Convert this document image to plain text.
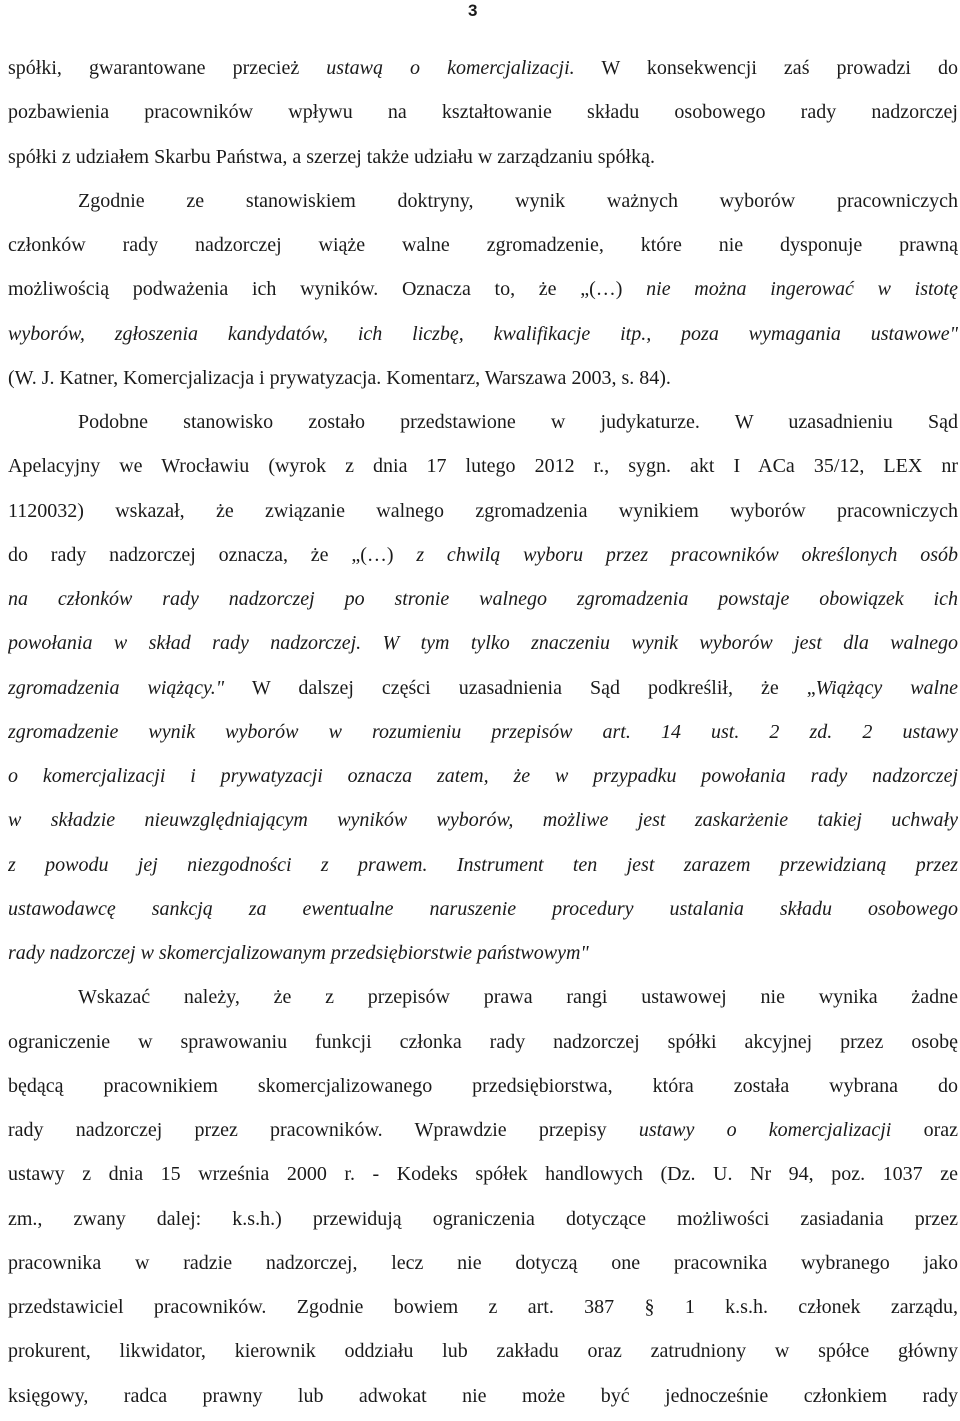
3
spółki, gwarantowane przecież ustawą o komercjalizacji. W konsekwencji zaś prowadzi do
pozbawienia pracowników wpływu na kształtowanie składu osobowego rady nadzorczej
spółki z udziałem Skarbu Państwa, a szerzej także udziału w zarządzaniu spółką.
Zgodnie ze stanowiskiem doktryny, wynik ważnych wyborów pracowniczych
członków rady nadzorczej wiąże walne zgromadzenie, które nie dysponuje prawną
możliwością podważenia ich wyników. Oznacza to, że „(…) nie można ingerować w istotę
wyborów, zgłoszenia kandydatów, ich liczbę, kwalifikacje itp., poza wymagania ustawowe"
(W. J. Katner, Komercjalizacja i prywatyzacja. Komentarz, Warszawa 2003, s. 84).
Podobne stanowisko zostało przedstawione w judykaturze. W uzasadnieniu Sąd
Apelacyjny we Wrocławiu (wyrok z dnia 17 lutego 2012 r., sygn. akt I ACa 35/12, LEX nr
1120032) wskazał, że związanie walnego zgromadzenia wynikiem wyborów pracowniczych
do rady nadzorczej oznacza, że „(…) z chwilą wyboru przez pracowników określonych osób
na członków rady nadzorczej po stronie walnego zgromadzenia powstaje obowiązek ich
powołania w skład rady nadzorczej. W tym tylko znaczeniu wynik wyborów jest dla walnego
zgromadzenia wiążący." W dalszej części uzasadnienia Sąd podkreślił, że „Wiążący walne
zgromadzenie wynik wyborów w rozumieniu przepisów art. 14 ust. 2 zd. 2 ustawy
o komercjalizacji i prywatyzacji oznacza zatem, że w przypadku powołania rady nadzorczej
w składzie nieuwzględniającym wyników wyborów, możliwe jest zaskarżenie takiej uchwały
z powodu jej niezgodności z prawem. Instrument ten jest zarazem przewidzianą przez
ustawodawcę sankcją za ewentualne naruszenie procedury ustalania składu osobowego
rady nadzorczej w skomercjalizowanym przedsiębiorstwie państwowym"
Wskazać należy, że z przepisów prawa rangi ustawowej nie wynika żadne
ograniczenie w sprawowaniu funkcji członka rady nadzorczej spółki akcyjnej przez osobę
będącą pracownikiem skomercjalizowanego przedsiębiorstwa, która została wybrana do
rady nadzorczej przez pracowników. Wprawdzie przepisy ustawy o komercjalizacji oraz
ustawy z dnia 15 września 2000 r. - Kodeks spółek handlowych (Dz. U. Nr 94, poz. 1037 ze
zm., zwany dalej: k.s.h.) przewidują ograniczenia dotyczące możliwości zasiadania przez
pracownika w radzie nadzorczej, lecz nie dotyczą one pracownika wybranego jako
przedstawiciel pracowników. Zgodnie bowiem z art. 387 § 1 k.s.h. członek zarządu,
prokurent, likwidator, kierownik oddziału lub zakładu oraz zatrudniony w spółce główny
księgowy, radca prawny lub adwokat nie może być jednocześnie członkiem rady
